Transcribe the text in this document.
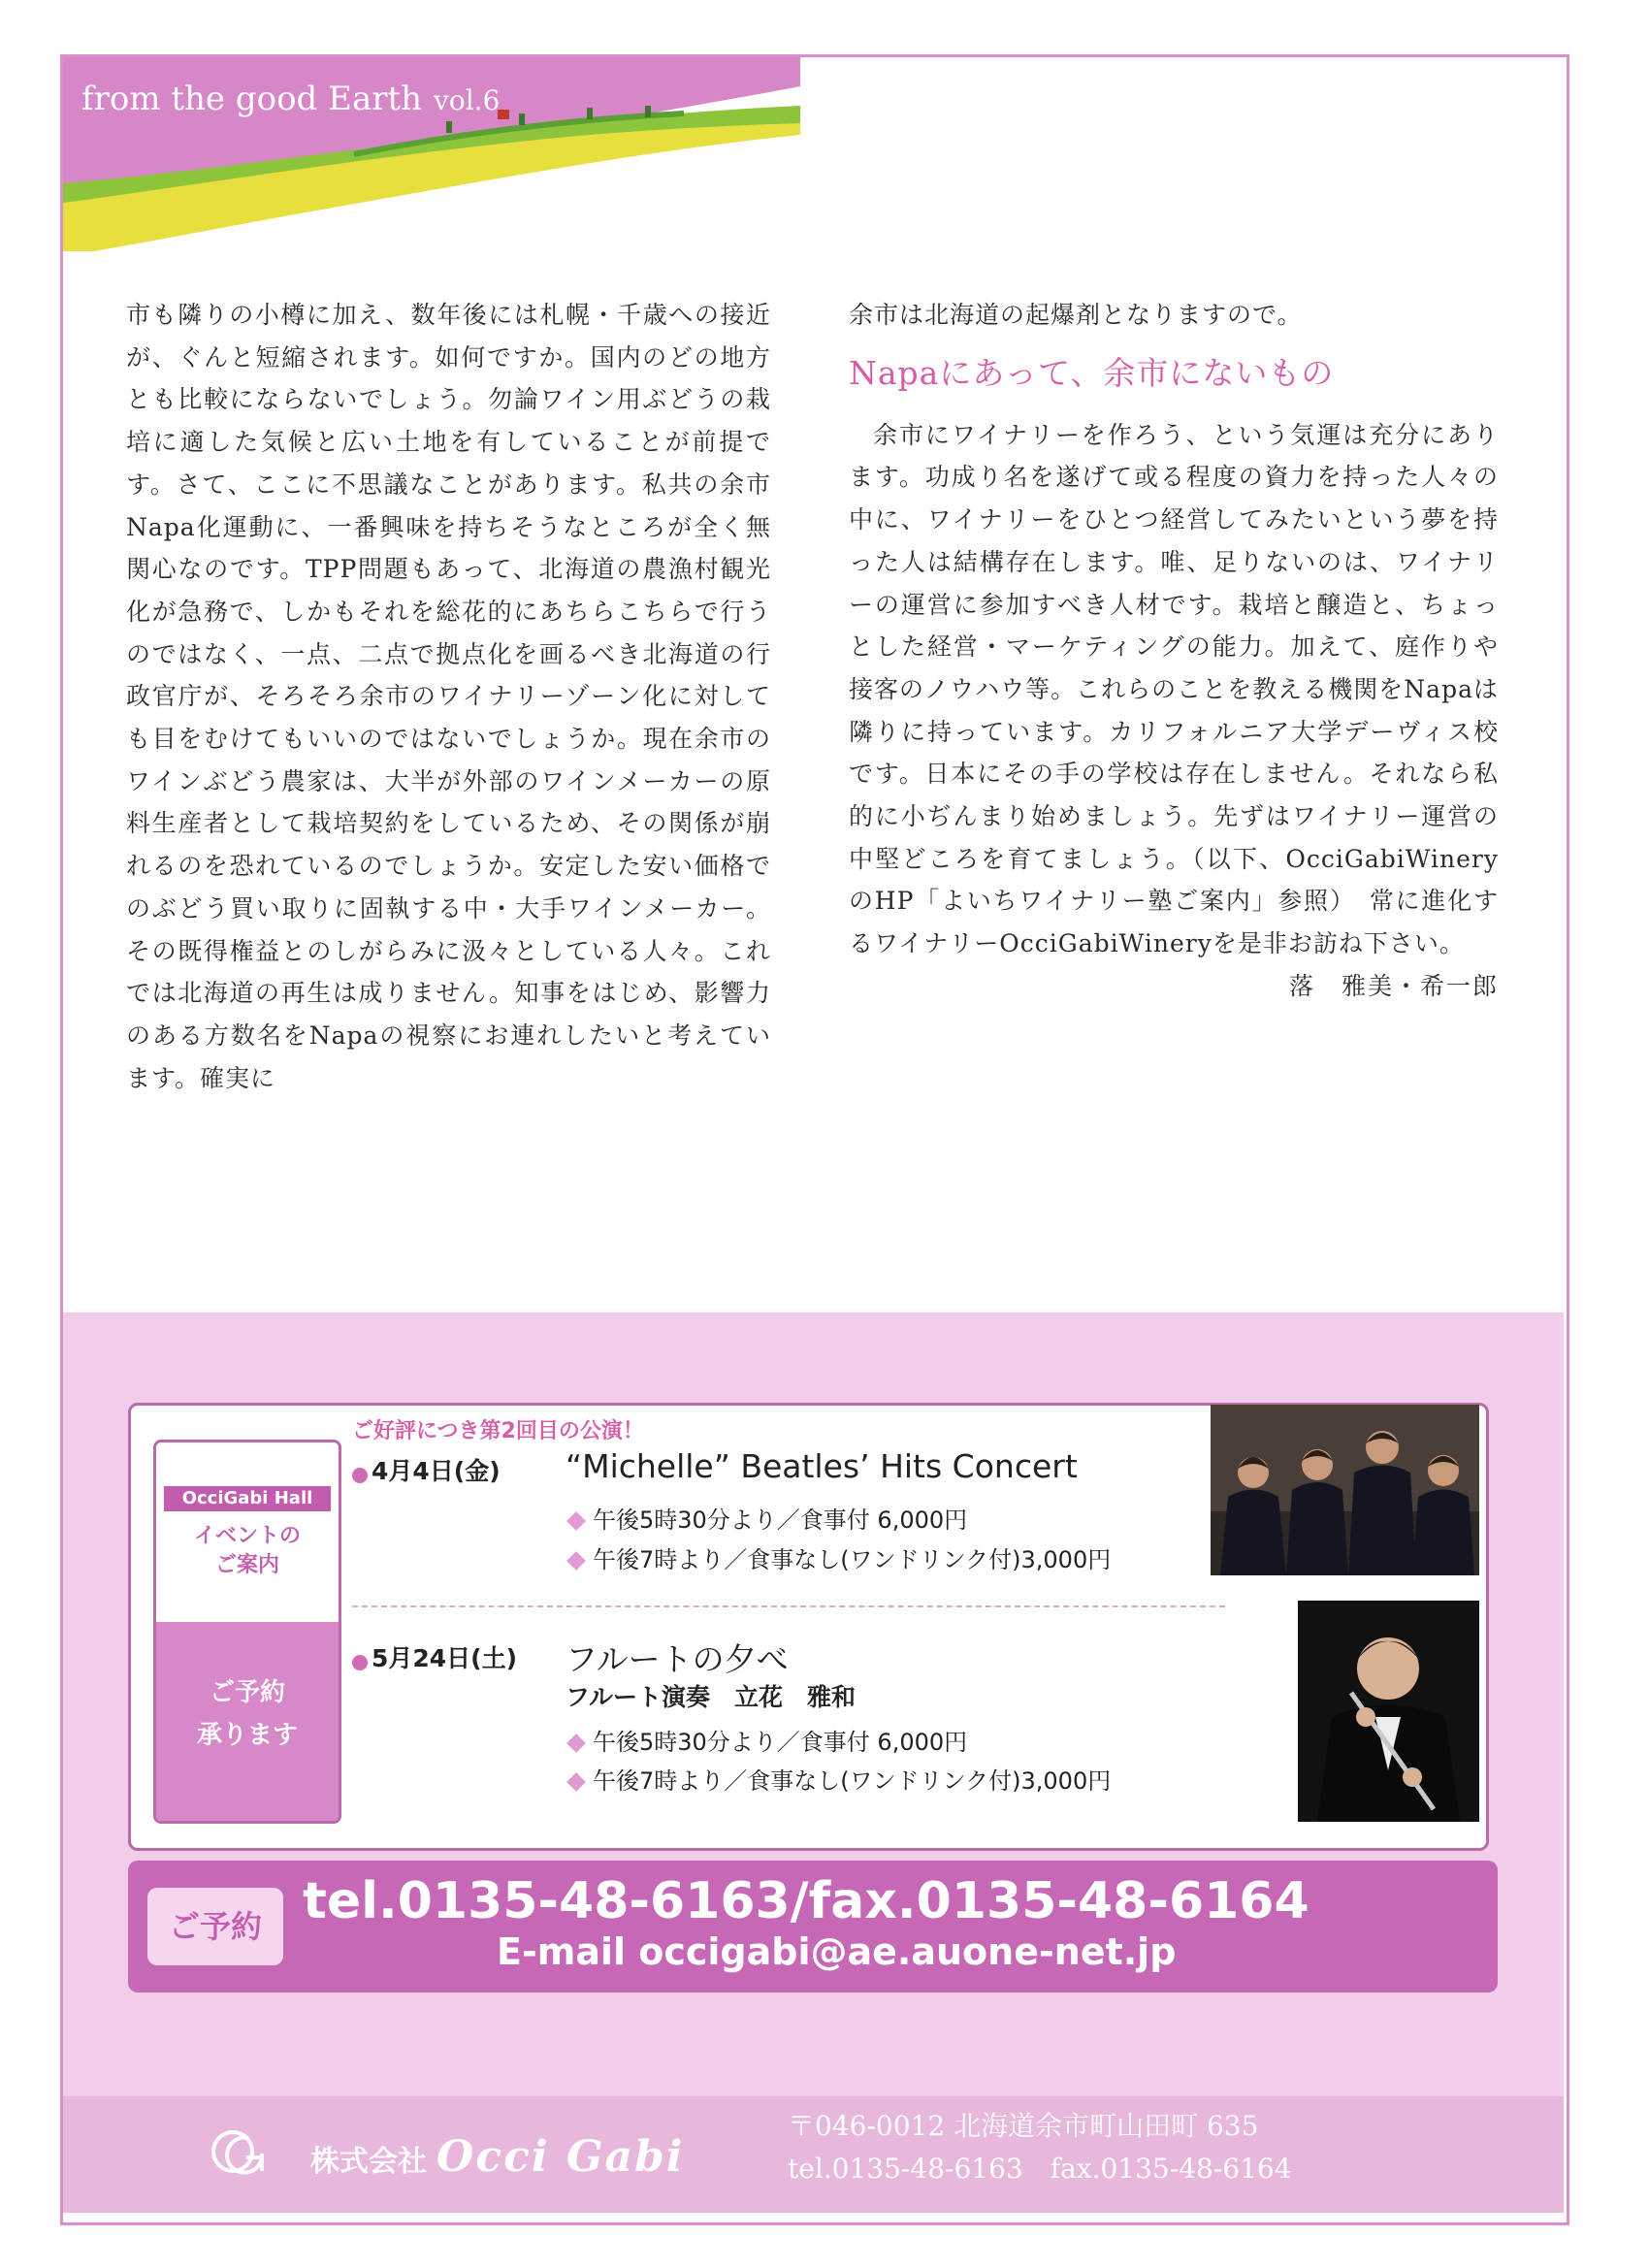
from the good Earth vol.6

市も隣りの小樽に加え、数年後には札幌・千歳への接近が、ぐんと短縮されます。如何ですか。国内のどの地方とも比較にならないでしょう。勿論ワイン用ぶどうの栽培に適した気候と広い土地を有していることが前提です。さて、ここに不思議なことがあります。私共の余市Napa化運動に、一番興味を持ちそうなところが全く無関心なのです。TPP問題もあって、北海道の農漁村観光化が急務で、しかもそれを総花的にあちらこちらで行うのではなく、一点、二点で拠点化を画るべき北海道の行政官庁が、そろそろ余市のワイナリーゾーン化に対しても目をむけてもいいのではないでしょうか。現在余市のワインぶどう農家は、大半が外部のワインメーカーの原料生産者として栽培契約をしているため、その関係が崩れるのを恐れているのでしょうか。安定した安い価格でのぶどう買い取りに固執する中・大手ワインメーカー。その既得権益とのしがらみに汲々としている人々。これでは北海道の再生は成りません。知事をはじめ、影響力のある方数名をNapaの視察にお連れしたいと考えています。確実に

余市は北海道の起爆剤となりますので。

Napaにあって、余市にないもの

余市にワイナリーを作ろう、という気運は充分にあります。功成り名を遂げて或る程度の資力を持った人々の中に、ワイナリーをひとつ経営してみたいという夢を持った人は結構存在します。唯、足りないのは、ワイナリーの運営に参加すべき人材です。栽培と醸造と、ちょっとした経営・マーケティングの能力。加えて、庭作りや接客のノウハウ等。これらのことを教える機関をNapaは隣りに持っています。カリフォルニア大学デーヴィス校です。日本にその手の学校は存在しません。それなら私的に小ぢんまり始めましょう。先ずはワイナリー運営の中堅どころを育てましょう。（以下、OcciGabiWineryのHP「よいちワイナリー塾ご案内」参照）　常に進化するワイナリーOcciGabiWineryを是非お訪ね下さい。

落　雅美・希一郎

OcciGabi Hall
イベントの
ご案内
ご予約
承ります
ご好評につき第2回目の公演！
4月4日(金) “Michelle” Beatles’ Hits Concert
午後5時30分より／食事付 6,000円
午後7時より／食事なし(ワンドリンク付)3,000円
5月24日(土) フルートの夕べ
フルート演奏　立花　雅和
午後5時30分より／食事付 6,000円
午後7時より／食事なし(ワンドリンク付)3,000円
ご予約 tel.0135-48-6163/fax.0135-48-6164
E-mail occigabi@ae.auone-net.jp
株式会社 Occi Gabi
〒046-0012 北海道余市町山田町 635
tel.0135-48-6163　fax.0135-48-6164
